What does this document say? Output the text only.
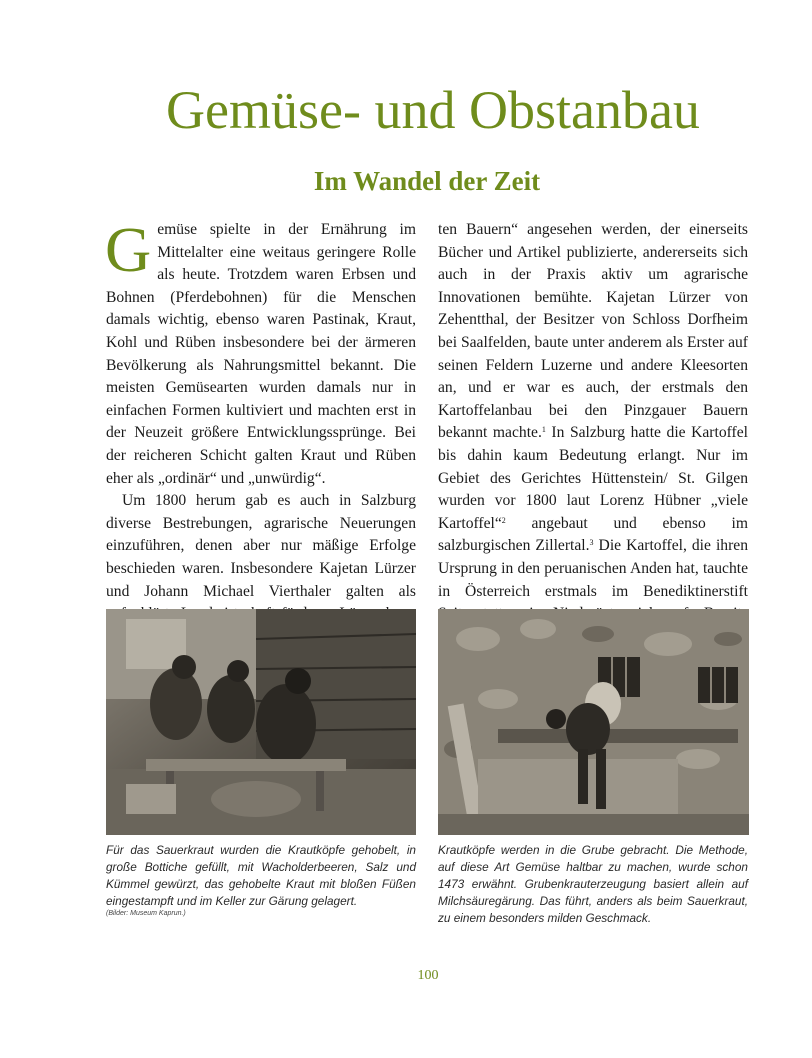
Gemüse- und Obstanbau
Im Wandel der Zeit

Gemüse spielte in der Ernährung im Mittelalter eine weitaus geringere Rolle als heute. Trotzdem waren Erbsen und Bohnen (Pferdebohnen) für die Menschen damals wichtig, ebenso waren Pastinak, Kraut, Kohl und Rüben insbesondere bei der ärmeren Bevölkerung als Nahrungsmittel bekannt. Die meisten Gemüsearten wurden damals nur in einfachen Formen kultiviert und machten erst in der Neuzeit größere Entwicklungssprünge. Bei der reicheren Schicht galten Kraut und Rüben eher als „ordinär“ und „unwürdig“.

Um 1800 herum gab es auch in Salzburg diverse Bestrebungen, agrarische Neuerungen einzuführen, denen aber nur mäßige Erfolge beschieden waren. Insbesondere Kajetan Lürzer und Johann Michael Vierthaler galten als

ten Bauern“ angesehen werden, der einerseits Bücher und Artikel publizierte, andererseits sich auch in der Praxis aktiv um agrarische Innovationen bemühte. Kajetan Lürzer von Zehentthal, der Besitzer von Schloss Dorfheim bei Saalfelden, baute unter anderem als Erster auf seinen Feldern Luzerne und andere Kleesorten an, und er war es auch, der erstmals den Kartoffelanbau bei den Pinzgauer Bauern bekannt machte.$^1$ In Salzburg hatte die Kartoffel bis dahin kaum Bedeutung erlangt. Nur im Gebiet des Gerichtes Hüttenstein/ St. Gilgen wurden vor 1800 laut Lorenz Hübner „viele Kartoffel“$^2$ angebaut und ebenso im salzburgischen Zillertal.$^3$ Die Kartoffel, die ihren Ursprung in den peruanischen Anden hat, tauchte in Österreich erstmals im Benediktinerstift

Für das Sauerkraut wurden die Krautköpfe gehobelt, in große Bottiche gefüllt, mit Wacholderbeeren, Salz und Kümmel gewürzt, das gehobelte Kraut mit bloßen Füßen eingestampft und im Keller zur Gärung gelagert.

(Bilder: Museum Kaprun.)

Krautköpfe werden in die Grube gebracht. Die Methode, auf diese Art Gemüse haltbar zu machen, wurde schon 1473 erwähnt. Grubenkrauterzeugung basiert allein auf Milchsäuregärung. Das führt, anders als beim Sauerkraut, zu einem besonders milden Geschmack.

100
